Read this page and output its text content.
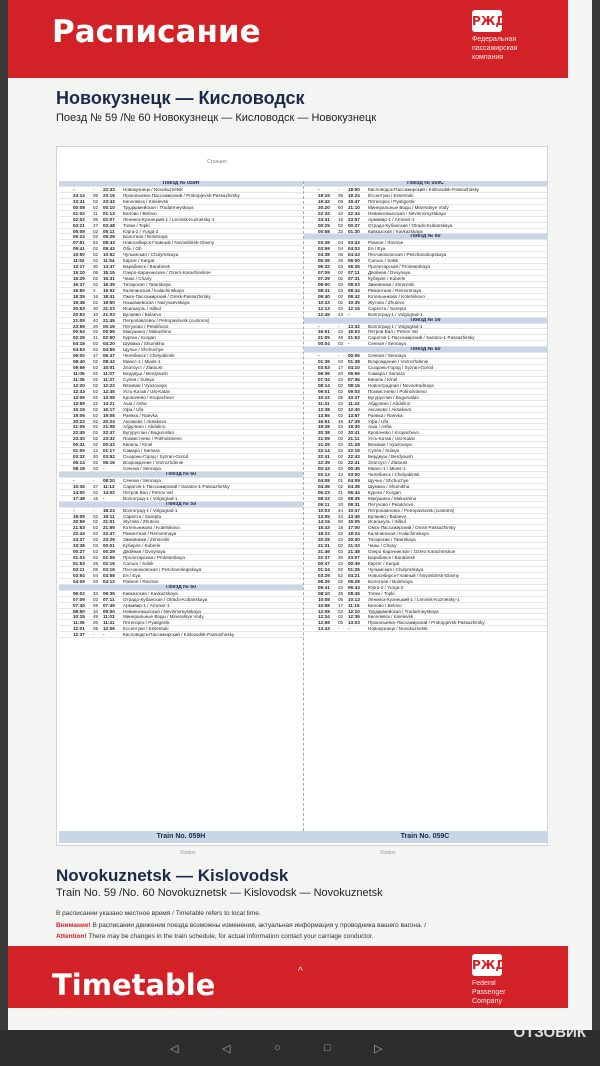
Расписание	РЖД
Федеральная
пассажирская
компания
Новокузнецк — Кисловодск
Поезд № 59 /№ 60 Новокузнецк — Кисловодск — Новокузнецк
Станция
Поезд № 059Н
-	-	22:33	Новокузнецк / Novokuznetsk
23:14	05	23:19	Прокопьевск-Пассажирский / Prokopjevsk-Passazhirsky
23:41	02	23:43	Киселевск / Kiselevsk
00:08	02	00:10	Трудармейская / Trudarmeyskaya
01:02	11	01:13	Белово / Belovo
02:02	05	02:07	Ленинск-Кузнецкий-1 / Leninsk-Kuznetsky-1
03:21	27	03:48	Топки / Topki
05:09	02	05:11	Юрга-2 / Yurga-2
05:24	02	05:26	Болотная / Bolotnaya
07:51	52	08:43	Новосибирск-Главный / Novosibirsk-Glavny
09:41	02	09:43	Обь / Ob
10:50	02	10:52	Чулымская / Chulymskaya
11:52	02	11:54	Каргат / Kargat
13:17	30	13:47	Барабинск / Barabinsk
15:10	05	15:15	Озеро-Карачинское / Ozero-Karachinskoe
15:29	02	15:31	Чаны / Chany
16:37	02	16:39	Татарская / Tatarskaya
16:50	2	16:52	Калачинская / Kalachinskaya
18:25	16	18:41	Омск-Пассажирский / Omsk-Passazhirsky
19:48	02	19:50	Называевская / Nazyvaevskaya
20:53	30	21:23	Исилькуль / Isilkul
20:53	10	21:03	Булаево / Bulaevo
21:05	40	21:45	Петропавловск / Petropavlovsk (customs)
23:59	20	00:19	Петухово / Petukhovo
00:54	02	00:56	Макушино / Makushino
02:29	21	02:50	Курган / Kurgan
04:18	02	04:20	Шумиха / Shumikha
04:53	02	04:55	Щучье / Shchuchye
06:00	47	06:47	Челябинск / Chelyabinsk
08:40	02	08:42	Миасс-1 / Miass-1
09:59	02	10:01	Златоуст / Zlatoust
11:05	02	11:07	Бердяуш / Berdyaush
11:35	02	11:37	Сулея / Suleya
12:20	02	12:22	Вязовая / Vyazovaya
12:43	02	12:45	Усть-Катав / Ust-Katav
13:06	02	13:08	Кропачево / Kropachevo
13:59	22	14:21	Аша / Asha
15:15	02	15:17	Уфа / Ufa
19:06	02	19:08	Раевка / Raevka
20:22	02	20:24	Аксаково / Aksakovo
21:06	02	21:08	Абдулино / Abdulino
22:45	02	22:47	Бугуруслан / Buguruslan
23:30	02	23:32	Похвистнево / Pokhvistnevo
00:41	02	00:43	Кинель / Kinel
01:05	12	01:17	Самара / Samara
03:32	20	03:52	Сызрань-Город / Syzran-Gorod
06:14	02	06:16	Возрождение / Vozrozhdenie
08:18	02	-	Сенная / Sennaya
Поезд № 60
-	-	08:20	Сенная / Sennaya
10:36	37	11:13	Саратов-1-Пассажирский / Saratov-1-Passazhirsky
14:00	02	14:02	Петров Вал / Petrov Val
17:48	15	-	Волгоград-1 / Volgograd-1
Поезд № 59
-	-	18:23	Волгоград-1 / Volgograd-1
19:09	02	19:11	Сарепта / Sarepta
20:59	02	21:01	Жутово / Zhutovo
21:53	02	21:55	Котельниково / Kotelnikovo
22:44	03	22:47	Ремонтная / Remontnaya
23:27	02	23:29	Зимовники / Zimovniki
23:38	03	00:01	Куберле / Kuberle
00:27	02	00:29	Двойная / Dvoynaya
01:03	02	01:05	Пролетарская / Proletarskaya
01:53	26	02:19	Сальск / Salsk
03:11	05	03:16	Песчанокопская / Peschanokopskaya
03:54	04	03:58	Ея / Eya
04:09	03	04:12	Ровное / Rovnoe
Поезд № 60
06:02	33	06:35	Кавказская / Kavkazskaya
07:09	02	07:11	Отрадо-Кубанская / Otrado-Kubanskaya
07:40	09	07:49	Армавир-1 / Armavir-1
08:50	10	09:00	Невинномысская / Nevinnomysskaya
10:15	48	11:03	Минеральные Воды / Mineralnye Vody
11:36	05	11:41	Пятигорск / Pyatigorsk
12:01	05	12:06	Ессентуки / Essentuki
12:37	-	-	Кисловодск-Пассажирский / Kislovodsk-Passazhirsky
Поезд № 059С
-	-	18:50	Кисловодск-Пассажирский / Kislovodsk-Passazhirsky
19:19	05	19:24	Ессентуки / Essentuki
19:42	05	19:47	Пятигорск / Pyatigorsk
20:20	50	21:10	Минеральные Воды / Mineralnye Vody
22:34	10	22:44	Невинномысская / Nevinnomysskaya
23:41	16	23:57	Армавир-1 / Armavir-1
00:25	02	00:27	Отрадо-Кубанская / Otrado-Kubanskaya
00:58	32	01:30	Кавказская / Kavkazskaya
Поезд № 60
03:39	04	03:43	Ровное / Rovnoe
03:59	04	04:03	Ея / Eya
04:38	05	04:43	Песчанокопская / Peschanokopskaya
05:36	26	06:00	Сальск / Salsk
06:32	03	06:35	Пролетарская / Proletarskaya
07:09	02	07:11	Двойная / Dvoynaya
07:29	02	07:31	Куберле / Kuberle
08:00	03	08:03	Зимовники / Zimovniki
08:41	03	08:44	Ремонтная / Remontnaya
09:40	02	09:42	Котельниково / Kotelnikovo
10:33	02	10:35	Жутово / Zhutovo
12:13	02	12:15	Сарепта / Sarepta
12:49	43	-	Волгоград-1 / Volgograd-1
Поезд № 59
-	-	13:32	Волгоград-1 / Volgograd-1
16:51	02	16:53	Петров Вал / Petrov Val
21:05	48	21:53	Саратов-1-Пассажирский / Saratov-1-Passazhirsky
00:04	02	-	Сенная / Sennaya
Поезд № 60
-	-	00:06	Сенная / Sennaya
01:36	02	01:38	Возрождение / Vozrozhdenie
03:53	17	04:10	Сызрань-Город / Syzran-Gorod
06:36	20	06:56	Самара / Samara
07:34	02	07:36	Кинель / Kinel
08:14	02	08:16	Новоотрадная / Novootradnaya
09:01	02	09:03	Похвистнево / Pokhvistnevo
10:22	05	10:27	Бугуруслан / Buguruslan
11:41	02	11:43	Абдулино / Abdulino
12:38	02	12:40	Аксаково / Aksakovo
13:55	02	13:57	Раевка / Raevka
16:51	48	17:39	Уфа / Ufa
19:28	02	19:30	Аша / Asha
20:38	03	20:41	Кропачево / Kropachevo
21:09	02	21:11	Усть-Катав / Ust-Katav
21:26	02	21:28	Вязовая / Vyazovaya
22:14	02	22:16	Сулея / Suleya
22:41	02	22:43	Бердяуш / Berdyaush
22:39	02	22:41	Златоуст / Zlatoust
00:43	02	00:45	Миасс-1 / Miass-1
02:13	43	03:00	Челябинск / Chelyabinsk
04:08	01	04:09	Щучье / Shchuchye
04:36	02	04:38	Шумиха / Shumikha
06:23	21	06:44	Курган / Kurgan
08:33	02	08:35	Макушино / Makushino
09:11	20	09:31	Петухово / Petukhovo
10:03	44	10:47	Петропавловск / Petropavlovsk (customs)
13:05	44	13:49	Булаево / Bulaevo
14:15	50	15:05	Исилькуль / Isilkul
15:43	18	17:00	Омск-Пассажирский / Omsk-Passazhirsky
18:22	02	18:24	Калачинская / Kalachinskaya
20:28	02	20:30	Татарская / Tatarskaya
21:31	02	21:33	Чаны / Chany
21:46	02	21:48	Озеро Карачинское / Ozero Karachinskoe
22:37	30	23:07	Барабинск / Barabinsk
00:47	02	00:49	Каргат / Kargat
01:24	02	01:26	Чулымская / Chulymskaya
03:29	52	04:21	Новосибирск-Главный / Novosibirsk-Glavny
06:26	02	06:28	Болотная / Bolotnaya
06:41	02	06:43	Юрга-2 / Yurga-2
08:10	35	08:45	Топки / Topki
10:08	05	10:13	Ленинск-Кузнецкий-1 / Leninsk-Kuznetsky-1
10:58	17	11:15	Белово / Belovo
12:08	02	12:10	Трудармейская / Trudarmeyskaya
12:34	02	12:36	Киселевск / Kiselevsk
12:58	05	13:03	Прокопьевск-Пассажирский / Prokopjevsk-Passazhirsky
13:43	-	-	Новокузнецк / Novokuznetsk
Train No. 059H	Train No. 059C
Station	Station
Novokuznetsk — Kislovodsk
Train No. 59 /No. 60 Novokuznetsk — Kislovodsk — Novokuznetsk
В расписании указано местное время / Timetable refers to local time.
Внимание! В расписании движения поезда возможны изменения, актуальная информация у проводника вашего вагона. /
Attention! There may be changes in the train schedule, for actual information contact your carriage conductor.
Timetable
РЖД
Federal
Passenger
Company
^
◁	◁	○	□	▷
ОТЗОВИК
